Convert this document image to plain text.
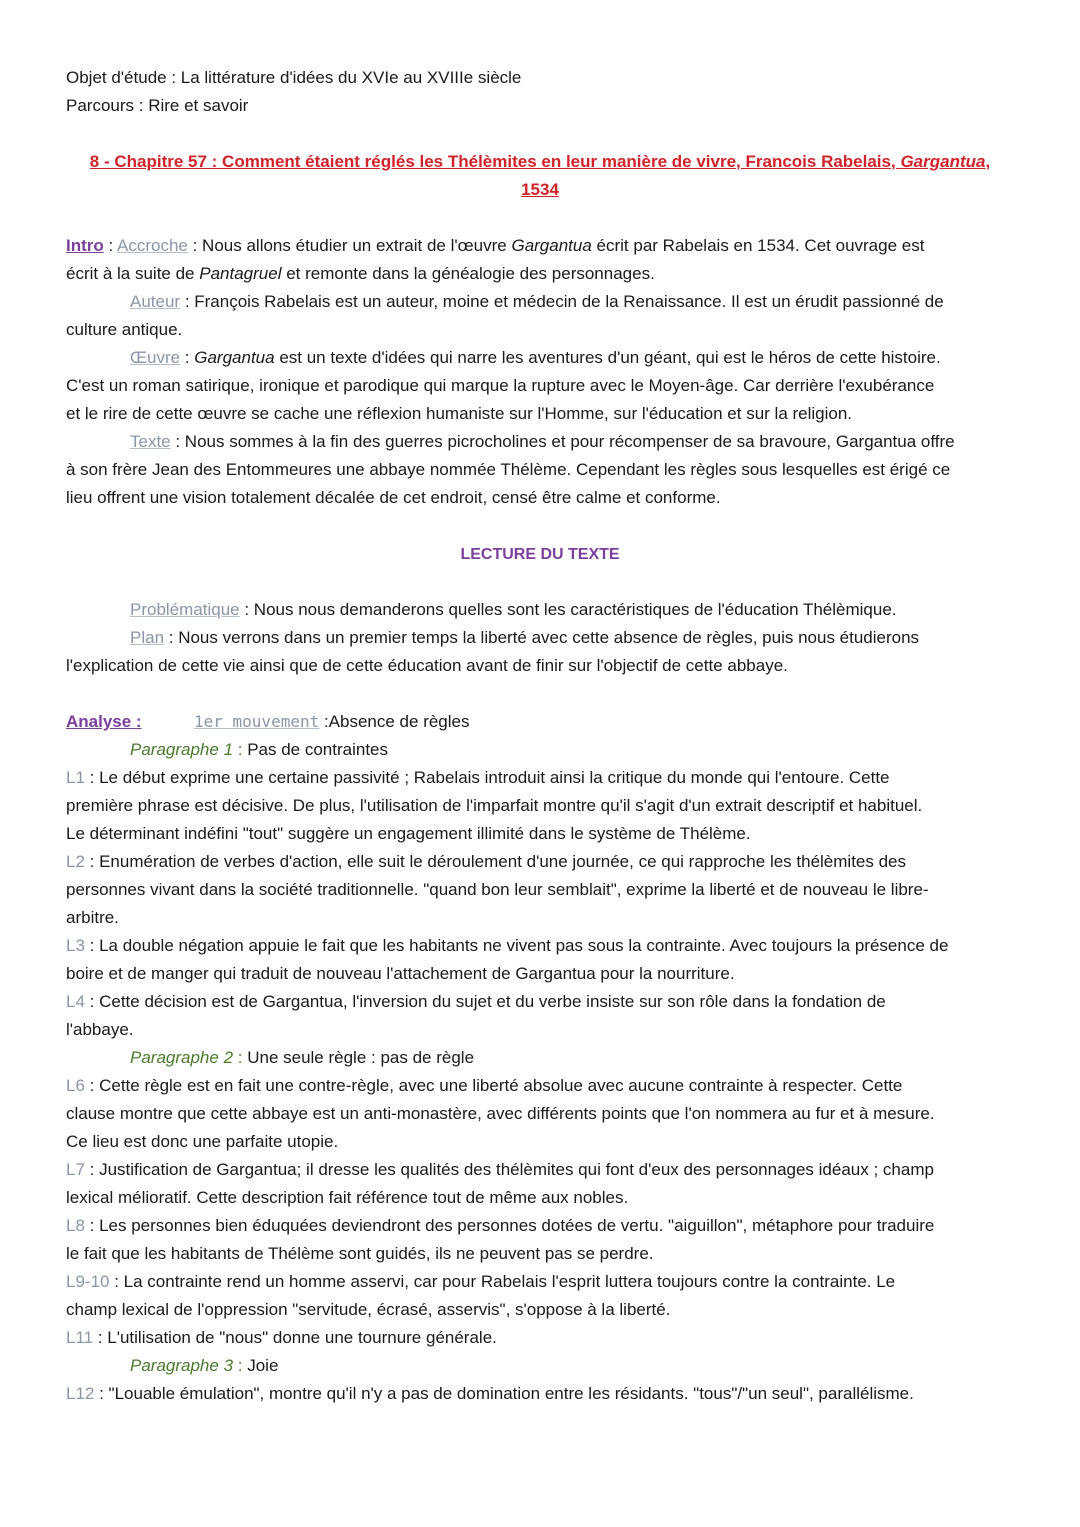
Objet d'étude : La littérature d'idées du XVIe au XVIIIe siècle
Parcours : Rire et savoir
8 - Chapitre 57 : Comment étaient réglés les Thélèmites en leur manière de vivre, Francois Rabelais, Gargantua,
1534
Intro : Accroche : Nous allons étudier un extrait de l'œuvre Gargantua écrit par Rabelais en 1534. Cet ouvrage est
écrit à la suite de Pantagruel et remonte dans la généalogie des personnages.
Auteur : François Rabelais est un auteur, moine et médecin de la Renaissance. Il est un érudit passionné de
culture antique.
Œuvre : Gargantua est un texte d'idées qui narre les aventures d'un géant, qui est le héros de cette histoire.
C'est un roman satirique, ironique et parodique qui marque la rupture avec le Moyen-âge. Car derrière l'exubérance
et le rire de cette œuvre se cache une réflexion humaniste sur l'Homme, sur l'éducation et sur la religion.
Texte : Nous sommes à la fin des guerres picrocholines et pour récompenser de sa bravoure, Gargantua offre
à son frère Jean des Entommeures une abbaye nommée Thélème. Cependant les règles sous lesquelles est érigé ce
lieu offrent une vision totalement décalée de cet endroit, censé être calme et conforme.
LECTURE DU TEXTE
Problématique : Nous nous demanderons quelles sont les caractéristiques de l'éducation Thélèmique.
Plan : Nous verrons dans un premier temps la liberté avec cette absence de règles, puis nous étudierons
l'explication de cette vie ainsi que de cette éducation avant de finir sur l'objectif de cette abbaye.
Analyse :	1er mouvement :Absence de règles
Paragraphe 1 : Pas de contraintes
L1 : Le début exprime une certaine passivité ; Rabelais introduit ainsi la critique du monde qui l'entoure. Cette
première phrase est décisive. De plus, l'utilisation de l'imparfait montre qu'il s'agit d'un extrait descriptif et habituel.
Le déterminant indéfini "tout" suggère un engagement illimité dans le système de Thélème.
L2 : Enumération de verbes d'action, elle suit le déroulement d'une journée, ce qui rapproche les thélèmites des
personnes vivant dans la société traditionnelle. "quand bon leur semblait", exprime la liberté et de nouveau le libre-
arbitre.
L3 : La double négation appuie le fait que les habitants ne vivent pas sous la contrainte. Avec toujours la présence de
boire et de manger qui traduit de nouveau l'attachement de Gargantua pour la nourriture.
L4 : Cette décision est de Gargantua, l'inversion du sujet et du verbe insiste sur son rôle dans la fondation de
l'abbaye.
Paragraphe 2 : Une seule règle : pas de règle
L6 : Cette règle est en fait une contre-règle, avec une liberté absolue avec aucune contrainte à respecter. Cette
clause montre que cette abbaye est un anti-monastère, avec différents points que l'on nommera au fur et à mesure.
Ce lieu est donc une parfaite utopie.
L7 : Justification de Gargantua; il dresse les qualités des thélèmites qui font d'eux des personnages idéaux ; champ
lexical mélioratif. Cette description fait référence tout de même aux nobles.
L8 : Les personnes bien éduquées deviendront des personnes dotées de vertu. "aiguillon", métaphore pour traduire
le fait que les habitants de Thélème sont guidés, ils ne peuvent pas se perdre.
L9-10 : La contrainte rend un homme asservi, car pour Rabelais l'esprit luttera toujours contre la contrainte. Le
champ lexical de l'oppression "servitude, écrasé, asservis", s'oppose à la liberté.
L11 : L'utilisation de "nous" donne une tournure générale.
Paragraphe 3 : Joie
L12 : "Louable émulation", montre qu'il n'y a pas de domination entre les résidants. "tous"/"un seul", parallélisme.
